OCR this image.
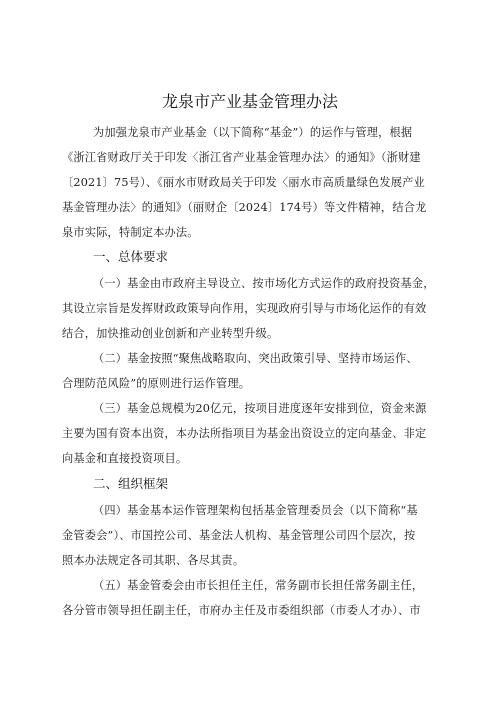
龙泉市产业基金管理办法
为加强龙泉市产业基金（以下简称“基金”）的运作与管理，根据
《浙江省财政厅关于印发〈浙江省产业基金管理办法〉的通知》（浙财建
〔2021〕75号）、《丽水市财政局关于印发〈丽水市高质量绿色发展产业
基金管理办法〉的通知》（丽财企〔2024〕174号）等文件精神，结合龙
泉市实际，特制定本办法。
一、总体要求
（一）基金由市政府主导设立、按市场化方式运作的政府投资基金，
其设立宗旨是发挥财政政策导向作用，实现政府引导与市场化运作的有效
结合，加快推动创业创新和产业转型升级。
（二）基金按照“聚焦战略取向、突出政策引导、坚持市场运作、
合理防范风险”的原则进行运作管理。
（三）基金总规模为20亿元，按项目进度逐年安排到位，资金来源
主要为国有资本出资，本办法所指项目为基金出资设立的定向基金、非定
向基金和直接投资项目。
二、组织框架
（四）基金基本运作管理架构包括基金管理委员会（以下简称“基
金管委会”）、市国控公司、基金法人机构、基金管理公司四个层次，按
照本办法规定各司其职、各尽其责。
（五）基金管委会由市长担任主任，常务副市长担任常务副主任，
各分管市领导担任副主任，市府办主任及市委组织部（市委人才办）、市
